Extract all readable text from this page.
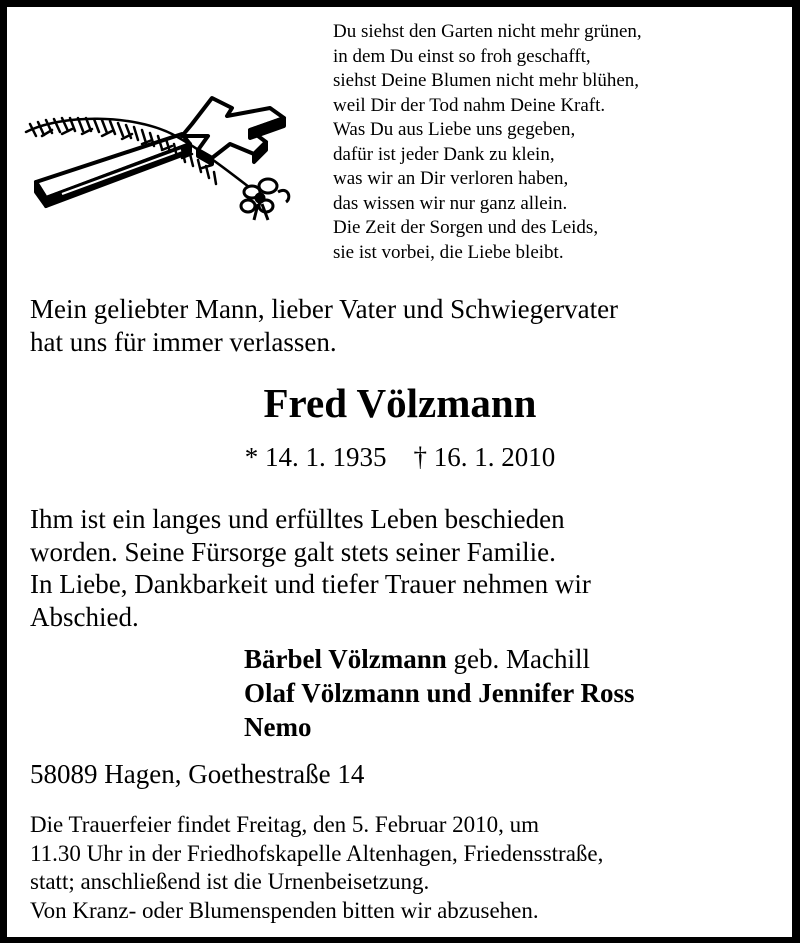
Du siehst den Garten nicht mehr grünen,
in dem Du einst so froh geschafft,
siehst Deine Blumen nicht mehr blühen,
weil Dir der Tod nahm Deine Kraft.
Was Du aus Liebe uns gegeben,
dafür ist jeder Dank zu klein,
was wir an Dir verloren haben,
das wissen wir nur ganz allein.
Die Zeit der Sorgen und des Leids,
sie ist vorbei, die Liebe bleibt.
Mein geliebter Mann, lieber Vater und Schwiegervater
hat uns für immer verlassen.
Fred Völzmann
* 14. 1. 1935    † 16. 1. 2010
Ihm ist ein langes und erfülltes Leben beschieden
worden. Seine Fürsorge galt stets seiner Familie.
In Liebe, Dankbarkeit und tiefer Trauer nehmen wir
Abschied.
Bärbel Völzmann geb. Machill
Olaf Völzmann und Jennifer Ross
Nemo
58089 Hagen, Goethestraße 14
Die Trauerfeier findet Freitag, den 5. Februar 2010, um
11.30 Uhr in der Friedhofskapelle Altenhagen, Friedensstraße,
statt; anschließend ist die Urnenbeisetzung.
Von Kranz- oder Blumenspenden bitten wir abzusehen.
